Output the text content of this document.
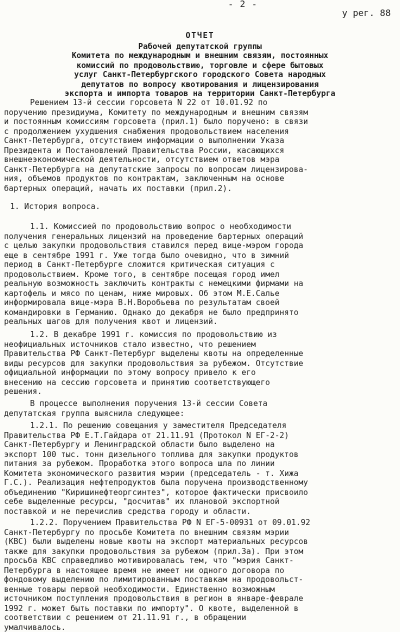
- 2 -
у рег. 88
ОТЧЕТ
Рабочей депутатской группы
Комитета по международным и внешним связям, постоянных
комиссий по продовольствию, торговле и сфере бытовых
услуг Санкт-Петербургского городского Совета народных
депутатов по вопросу квотирования и лицензирования
экспорта и импорта товаров на территории Санкт-Петербурга
Решением 13-й сессии горсовета N 22 от 10.01.92 по
поручению президиума, Комитету по международным и внешним связям
и постоянным комиссиям горсовета (прил.1) было поручено: в связи
с продолжением ухудшения снабжения продовольствием населения
Санкт-Петербурга, отсутствием информации о выполнении Указа
Президента и Постановлений Правительства России, касающихся
внешнеэкономической деятельности, отсутствием ответов мэра
Санкт-Петербурга на депутатские запросы по вопросам лицензирова-
ния, объемов продуктов по контрактам, заключенным на основе
бартерных операций, начать их поставки (прил.2).
1. История вопроса.
1.1. Комиссией по продовольствию вопрос о необходимости
получения генеральных лицензий на проведение бартерных операций
с целью закупки продовольствия ставился перед вице-мэром города
еще в сентябре 1991 г. Уже тогда было очевидно, что в зимний
период в Санкт-Петербурге сложится критическая ситуация с
продовольствием. Кроме того, в сентябре посещая город имел
реальную возможность заключить контракты с немецкими фирмами на
картофель и мясо по ценам, ниже мировых. Об этом М.Е.Салье
информировала вице-мэра В.Н.Воробьева по результатам своей
командировки в Германию. Однако до декабря не было предпринято
реальных шагов для получения квот и лицензий.
1.2. В декабре 1991 г. комиссия по продовольствию из
неофициальных источников стало известно, что решением
Правительства РФ Санкт-Петербург выделены квоты на определенные
виды ресурсов для закупки продовольствия за рубежом. Отсутствие
официальной информации по этому вопросу привело к его
внесению на сессию горсовета и принятию соответствующего
решения.
В процессе выполнения поручения 13-й сессии Совета
депутатская группа выяснила следующее:
1.2.1. По решению совещания у заместителя Председателя
Правительства РФ Е.Т.Гайдара от 21.11.91 (Протокол N ЕГ-2-2)
Санкт-Петербургу и Ленинградской области было выделено на
экспорт 100 тыс. тонн дизельного топлива для закупки продуктов
питания за рубежом. Проработка этого вопроса шла по линии
Комитета экономического развития мэрии (председатель - т. Хижа
Г.С.). Реализация нефтепродуктов была поручена производственному
объединению "Киришинефтеоргсинтез", которое фактически присвоило
себе выделенные ресурсы, "досчитав" их плановой экспортной
поставкой и не перечислив средства городу и области.
1.2.2. Поручением Правительства РФ N ЕГ-5-00931 от 09.01.92
Санкт-Петербургу по просьбе Комитета по внешним связям мэрии
(КВС) были выделены новые квоты на экспорт материальных ресурсов
также для закупки продовольствия за рубежом (прил.3а). При этом
просьба КВС справедливо мотивировалась тем, что "мэрия Санкт-
Петербурга в настоящее время не имеет ни одного договора по
фондовому выделению по лимитированным поставкам на продовольст-
венные товары первой необходимости. Единственно возможным
источником поступления продовольствия в регион в январе-феврале
1992 г. может быть поставки по импорту". О квоте, выделенной в
соответствии с решением от 21.11.91 г., в обращении
умалчивалось.
